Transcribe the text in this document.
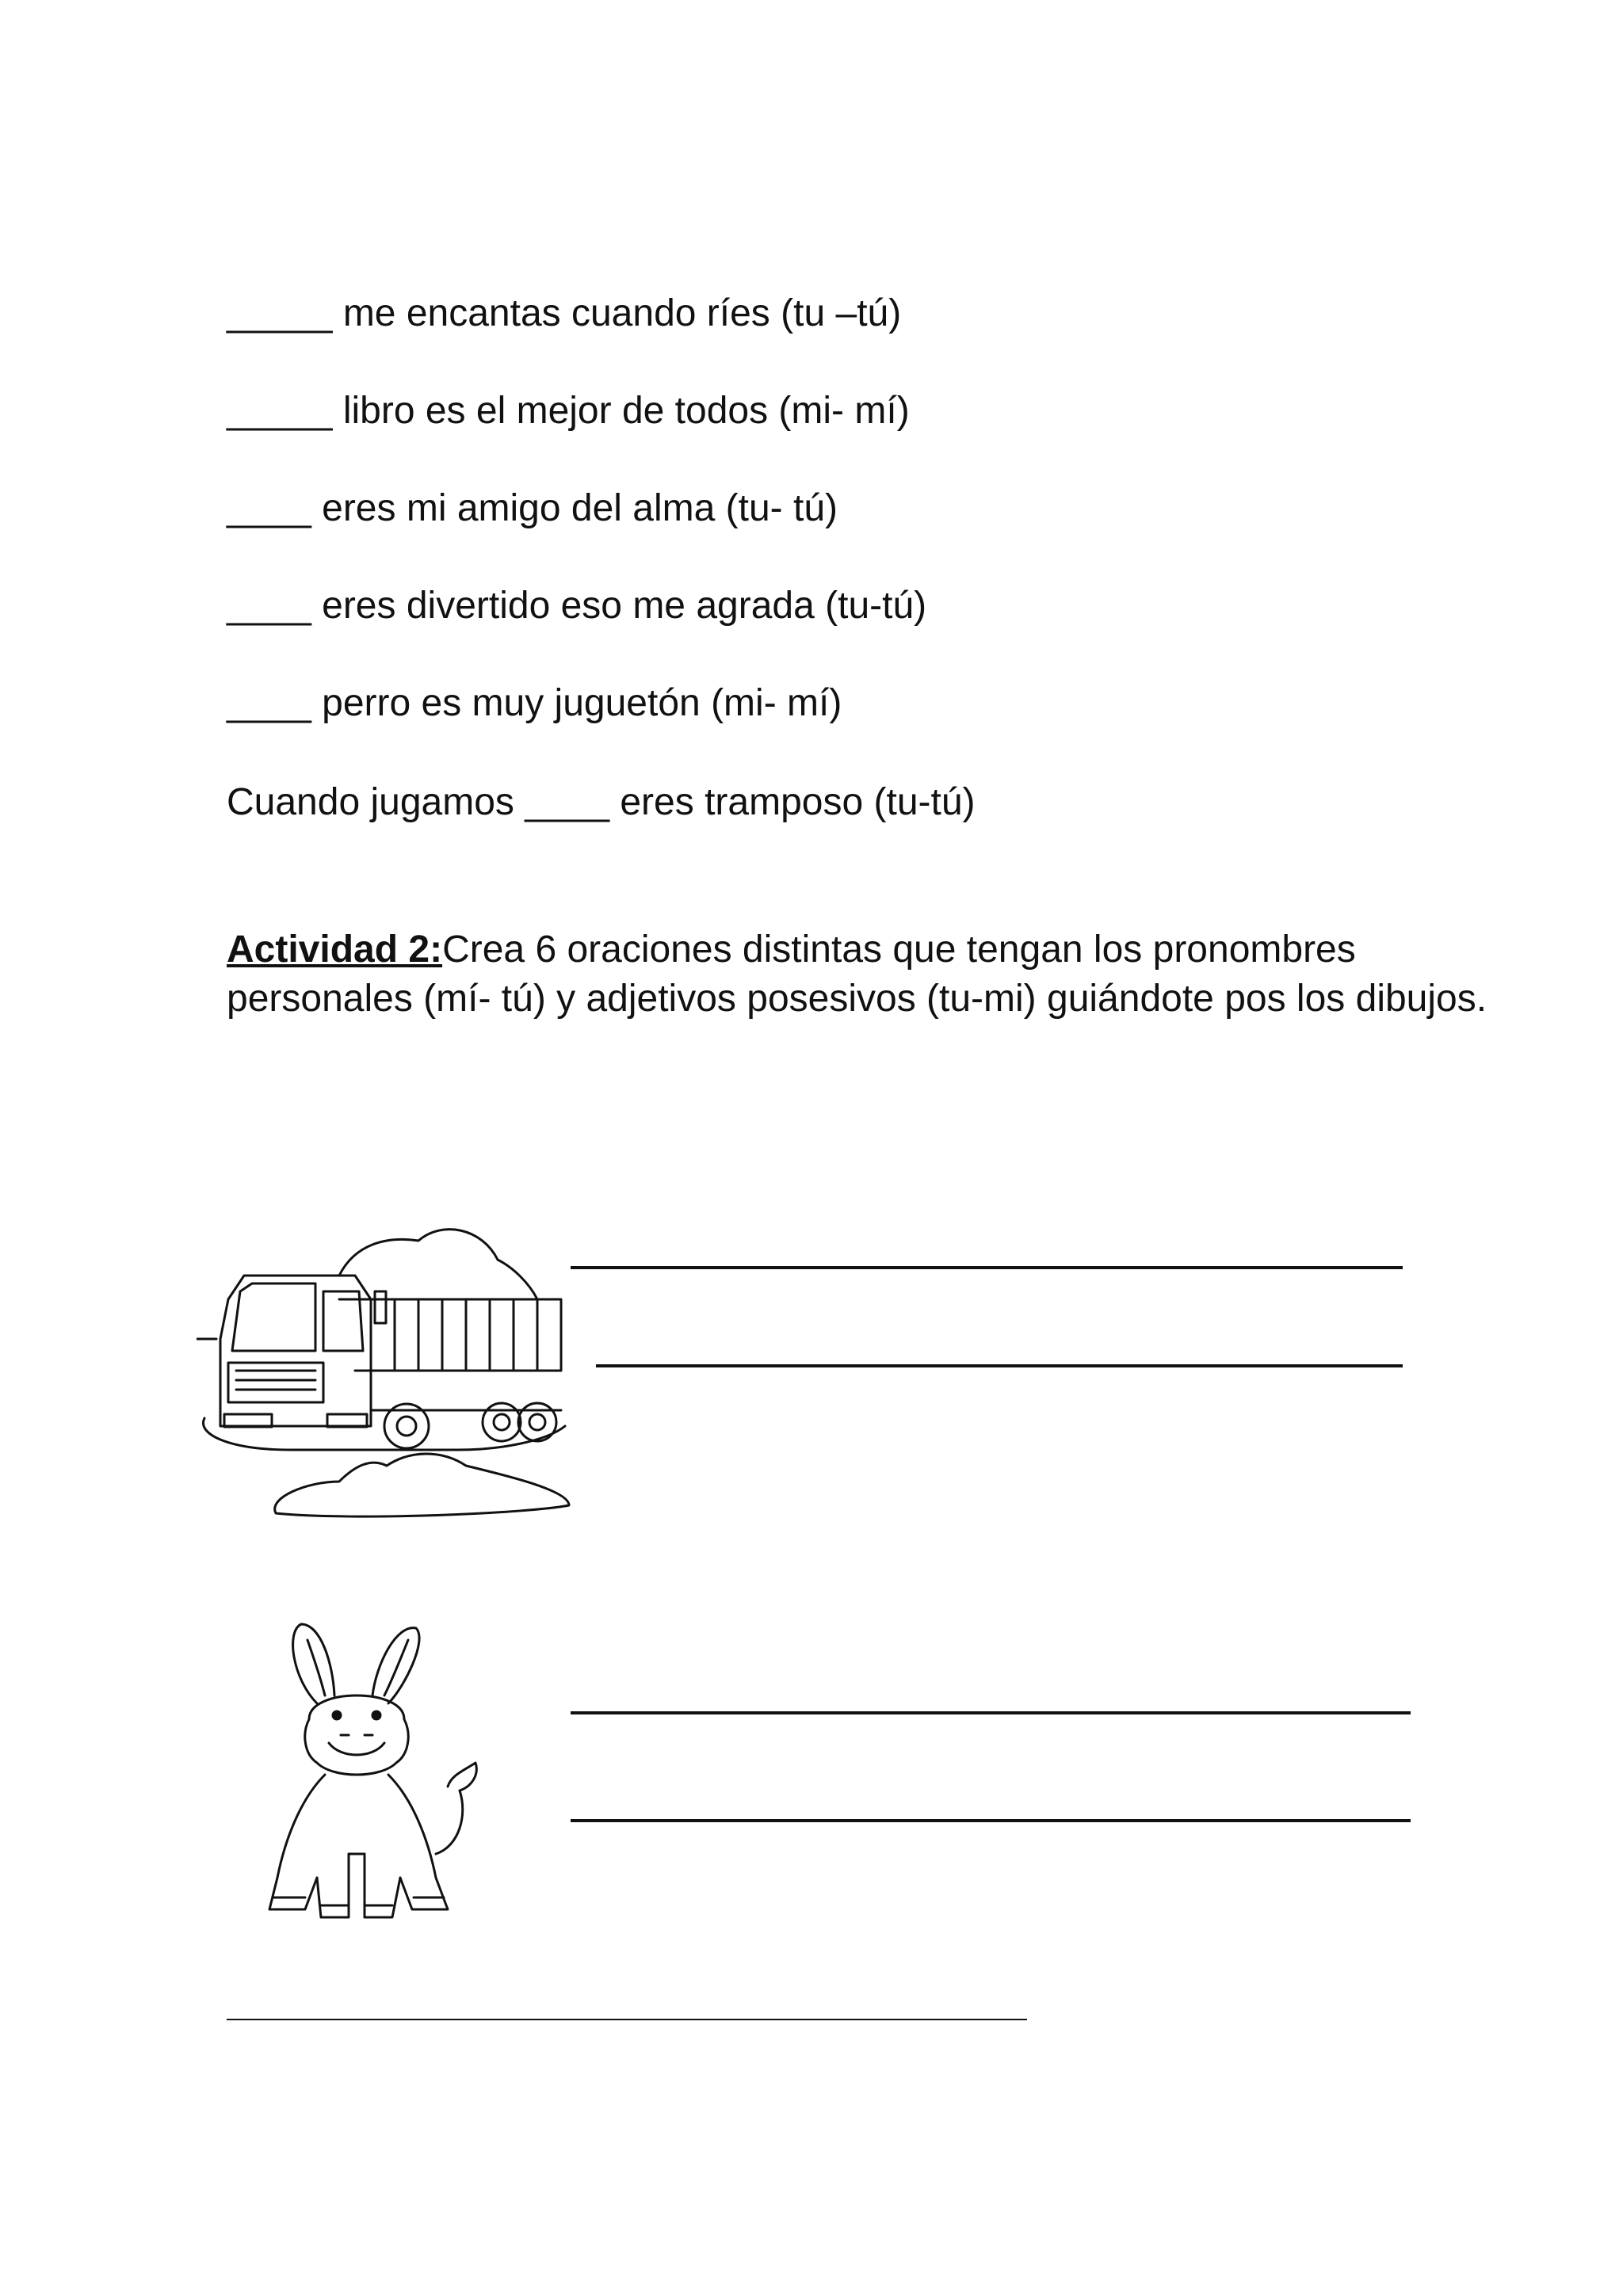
_____ me encantas cuando ríes (tu –tú)
_____ libro es el mejor de todos (mi- mí)
____ eres mi amigo del alma (tu- tú)
____ eres divertido eso me agrada (tu-tú)
____ perro es muy juguetón (mi- mí)
Cuando jugamos ____ eres tramposo (tu-tú)
Actividad 2:Crea 6 oraciones distintas que tengan los pronombres personales (mí- tú) y adjetivos posesivos (tu-mi) guiándote pos los dibujos.
